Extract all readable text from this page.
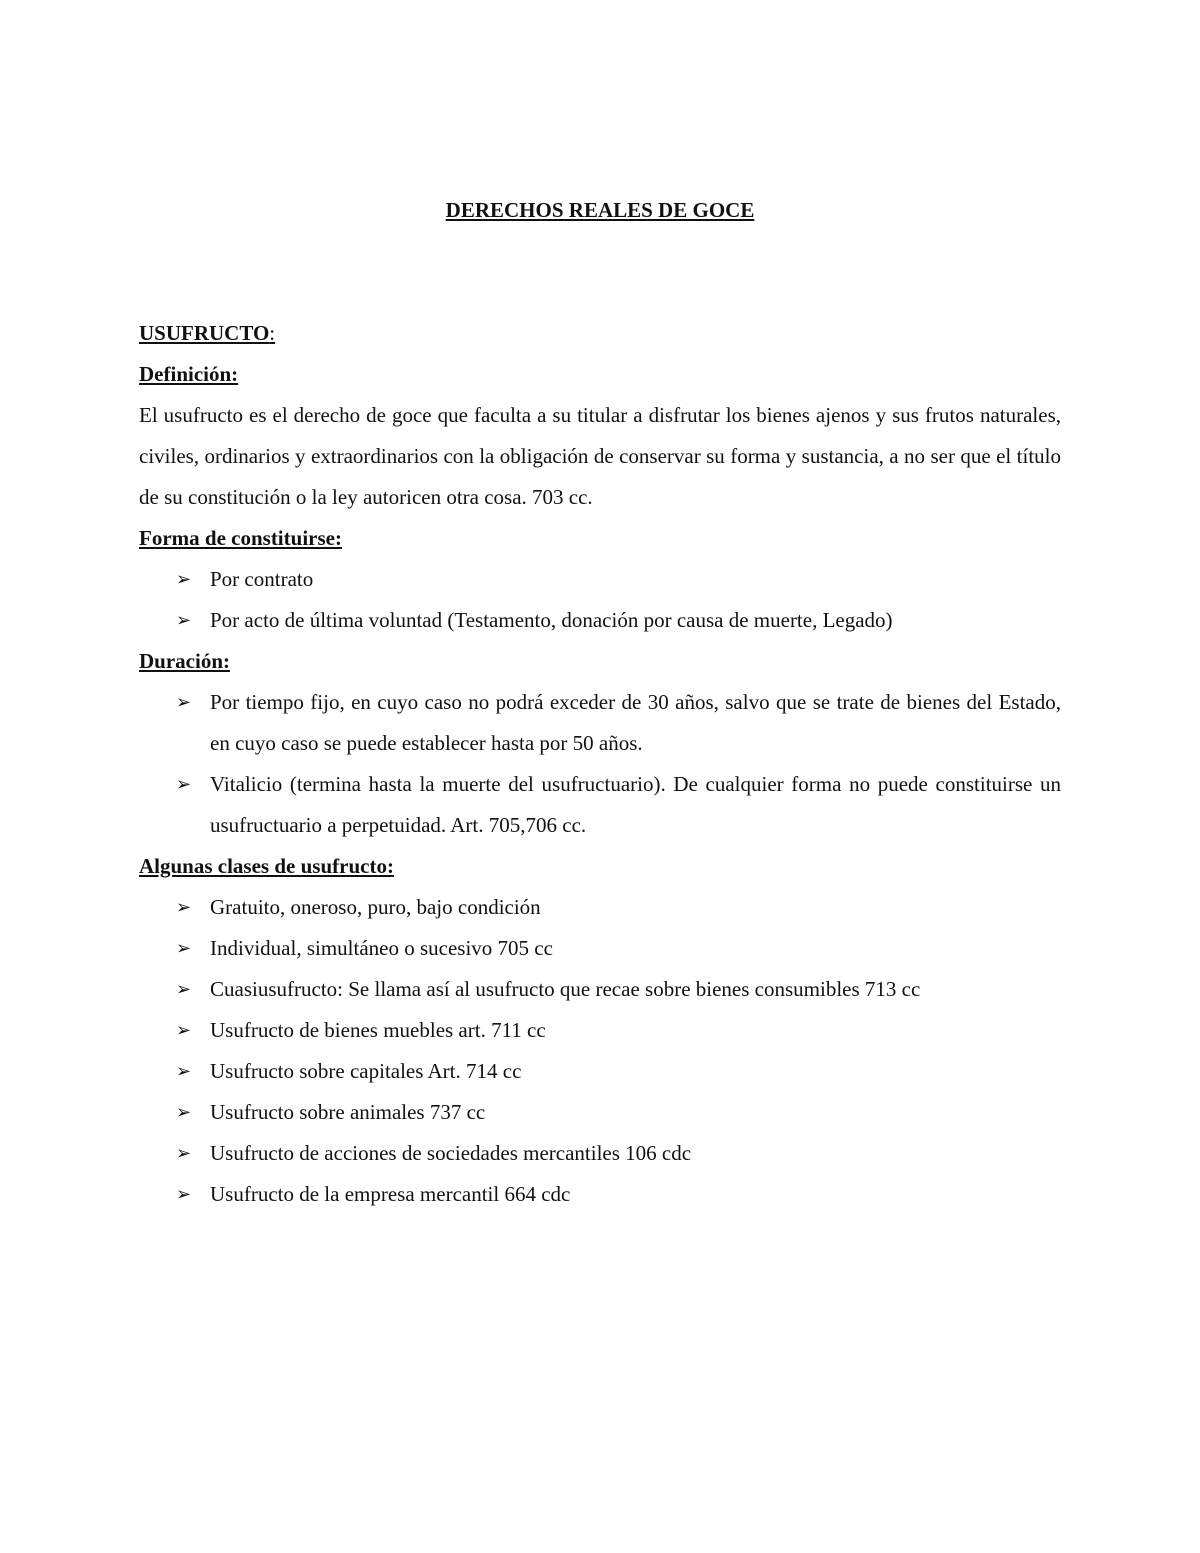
DERECHOS REALES DE GOCE

USUFRUCTO:

Definición:

El usufructo es el derecho de goce que faculta a su titular a disfrutar los bienes ajenos y sus frutos naturales, civiles, ordinarios y extraordinarios con la obligación de conservar su forma y sustancia, a no ser que el título de su constitución o la ley autoricen otra cosa. 703 cc.

Forma de constituirse:

➢ Por contrato
➢ Por acto de última voluntad (Testamento, donación por causa de muerte, Legado)

Duración:

➢ Por tiempo fijo, en cuyo caso no podrá exceder de 30 años, salvo que se trate de bienes del Estado, en cuyo caso se puede establecer hasta por 50 años.
➢ Vitalicio (termina hasta la muerte del usufructuario). De cualquier forma no puede constituirse un usufructuario a perpetuidad. Art. 705,706 cc.

Algunas clases de usufructo:

➢ Gratuito, oneroso, puro, bajo condición
➢ Individual, simultáneo o sucesivo 705 cc
➢ Cuasiusufructo: Se llama así al usufructo que recae sobre bienes consumibles 713 cc
➢ Usufructo de bienes muebles art. 711 cc
➢ Usufructo sobre capitales Art. 714 cc
➢ Usufructo sobre animales 737 cc
➢ Usufructo de acciones de sociedades mercantiles 106 cdc
➢ Usufructo de la empresa mercantil 664 cdc
